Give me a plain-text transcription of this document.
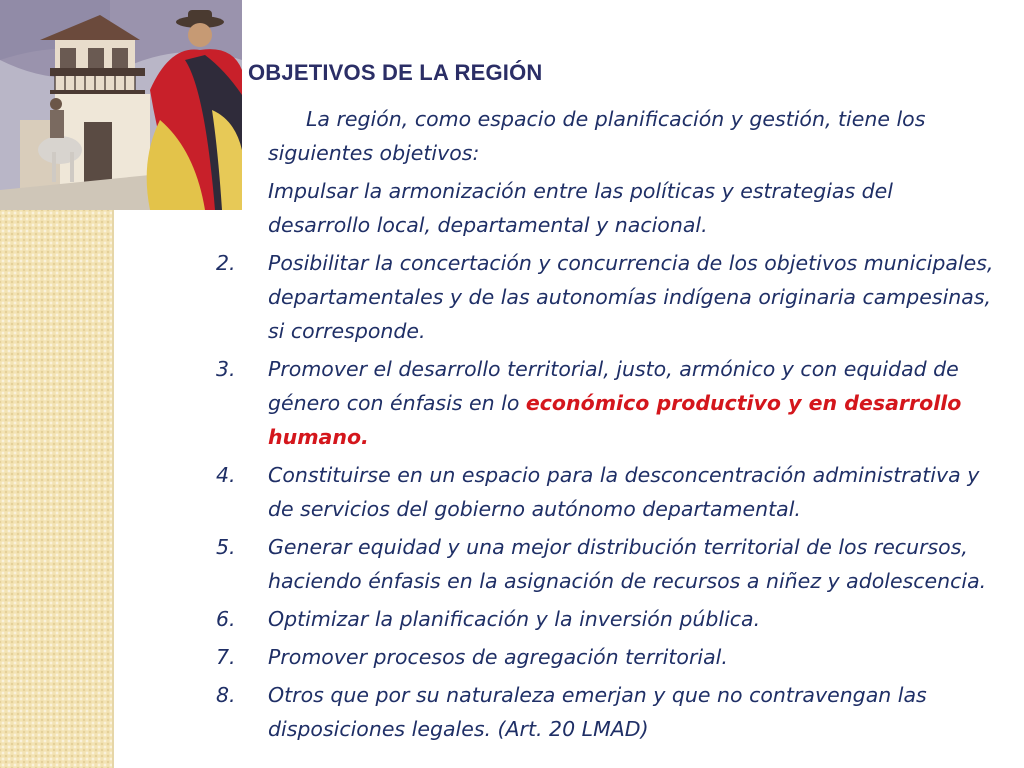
OBJETIVOS DE LA REGIÓN

La región, como espacio de planificación y gestión, tiene los siguientes objetivos:

Impulsar la armonización entre las políticas y estrategias del desarrollo local, departamental y nacional.
2.	Posibilitar la concertación y concurrencia de los objetivos municipales, departamentales y de las autonomías indígena originaria campesinas, si corresponde.
3.	Promover el desarrollo territorial, justo, armónico y con equidad de género con énfasis en lo económico productivo y en desarrollo humano.
4.	Constituirse en un espacio para la desconcentración administrativa y de servicios del gobierno autónomo departamental.
5.	Generar equidad y una mejor distribución territorial de los recursos, haciendo énfasis en la asignación de recursos a niñez y adolescencia.
6.	Optimizar la planificación y la inversión pública.
7.	Promover procesos de agregación territorial.
8.	Otros que por su naturaleza emerjan y que no contravengan las disposiciones legales. (Art. 20 LMAD)
